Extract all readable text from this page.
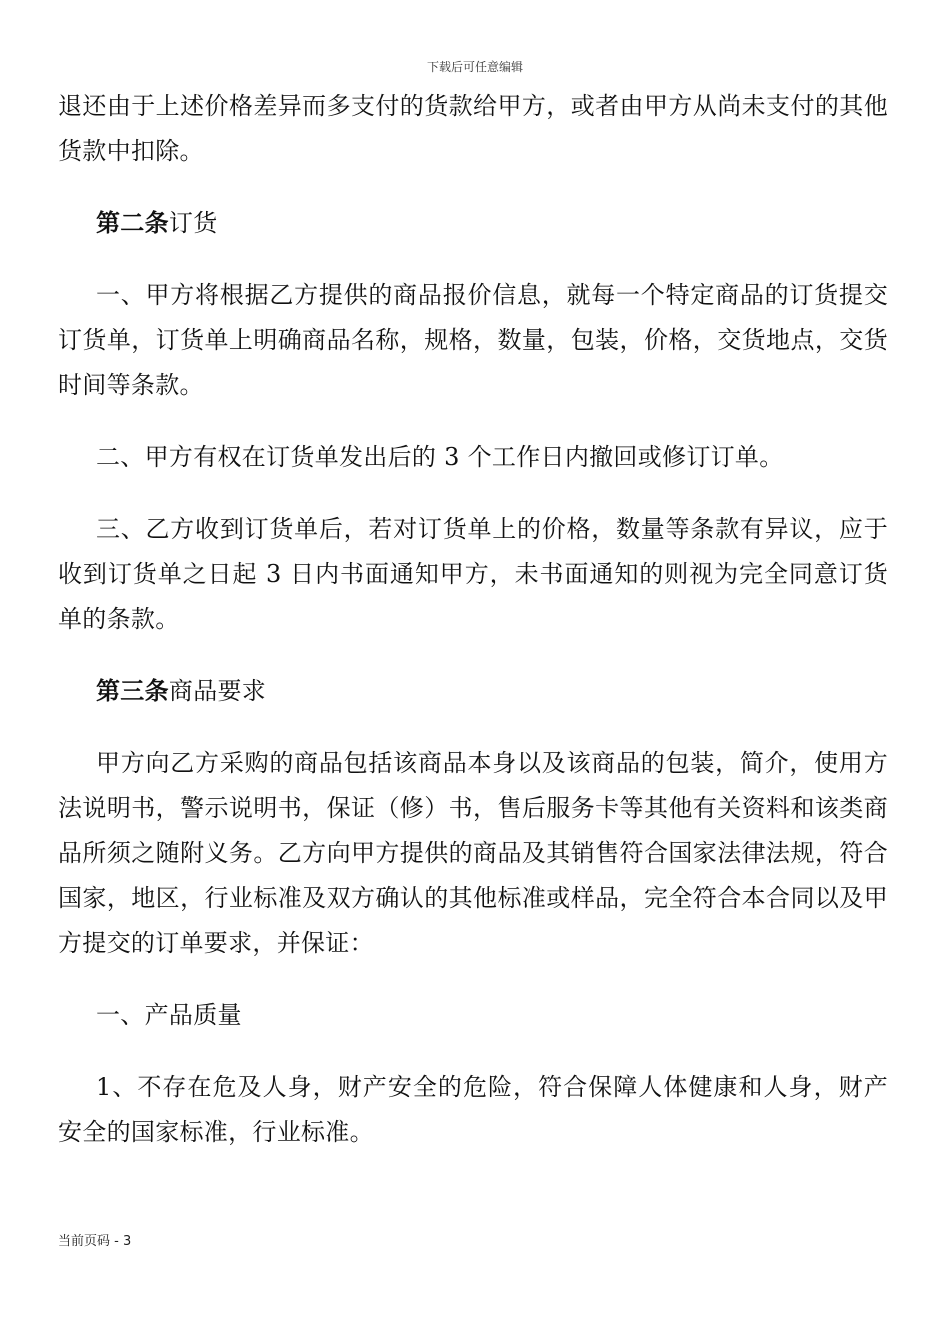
下载后可任意编辑

退还由于上述价格差异而多支付的货款给甲方，或者由甲方从尚未支付的其他货款中扣除。

第二条订货

一、甲方将根据乙方提供的商品报价信息，就每一个特定商品的订货提交订货单，订货单上明确商品名称，规格，数量，包装，价格，交货地点，交货时间等条款。

二、甲方有权在订货单发出后的 3 个工作日内撤回或修订订单。

三、乙方收到订货单后，若对订货单上的价格，数量等条款有异议，应于收到订货单之日起 3 日内书面通知甲方，未书面通知的则视为完全同意订货单的条款。

第三条商品要求

甲方向乙方采购的商品包括该商品本身以及该商品的包装，简介，使用方法说明书，警示说明书，保证（修）书，售后服务卡等其他有关资料和该类商品所须之随附义务。乙方向甲方提供的商品及其销售符合国家法律法规，符合国家，地区，行业标准及双方确认的其他标准或样品，完全符合本合同以及甲方提交的订单要求，并保证：

一、产品质量

1、不存在危及人身，财产安全的危险，符合保障人体健康和人身，财产安全的国家标准，行业标准。

当前页码 - 3
